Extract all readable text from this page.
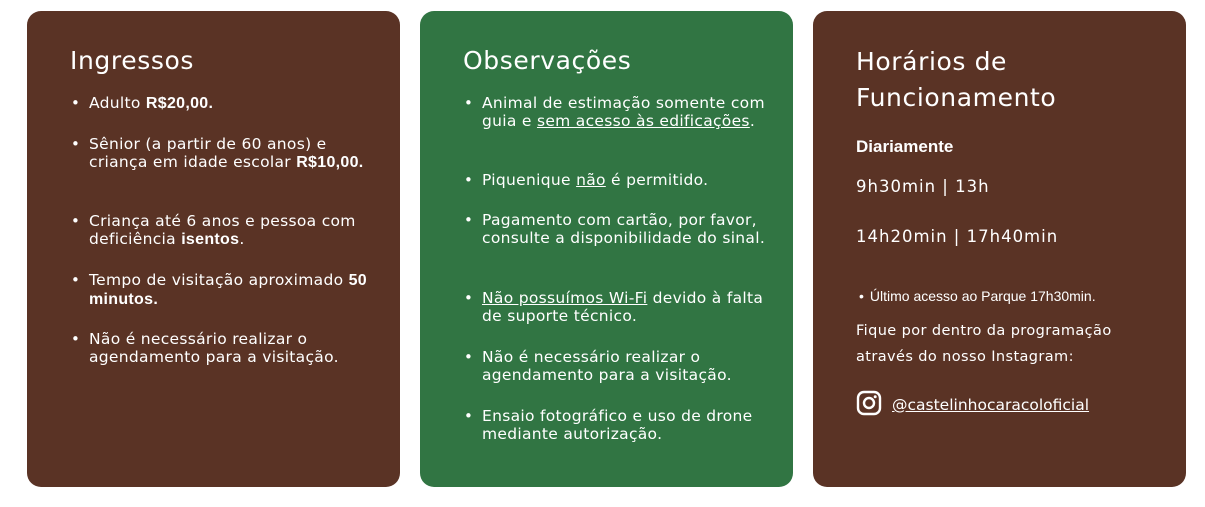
Ingressos
• Adulto R$20,00.
• Sênior (a partir de 60 anos) e criança em idade escolar R$10,00.
• Criança até 6 anos e pessoa com deficiência isentos.
• Tempo de visitação aproximado 50 minutos.
• Não é necessário realizar o agendamento para a visitação.
Observações
• Animal de estimação somente com guia e sem acesso às edificações.
• Piquenique não é permitido.
• Pagamento com cartão, por favor, consulte a disponibilidade do sinal.
• Não possuímos Wi-Fi devido à falta de suporte técnico.
• Não é necessário realizar o agendamento para a visitação.
• Ensaio fotográfico e uso de drone mediante autorização.
Horários de Funcionamento
Diariamente
9h30min | 13h
14h20min | 17h40min
• Último acesso ao Parque 17h30min.
Fique por dentro da programação através do nosso Instagram:
@castelinhocaracoloficial
